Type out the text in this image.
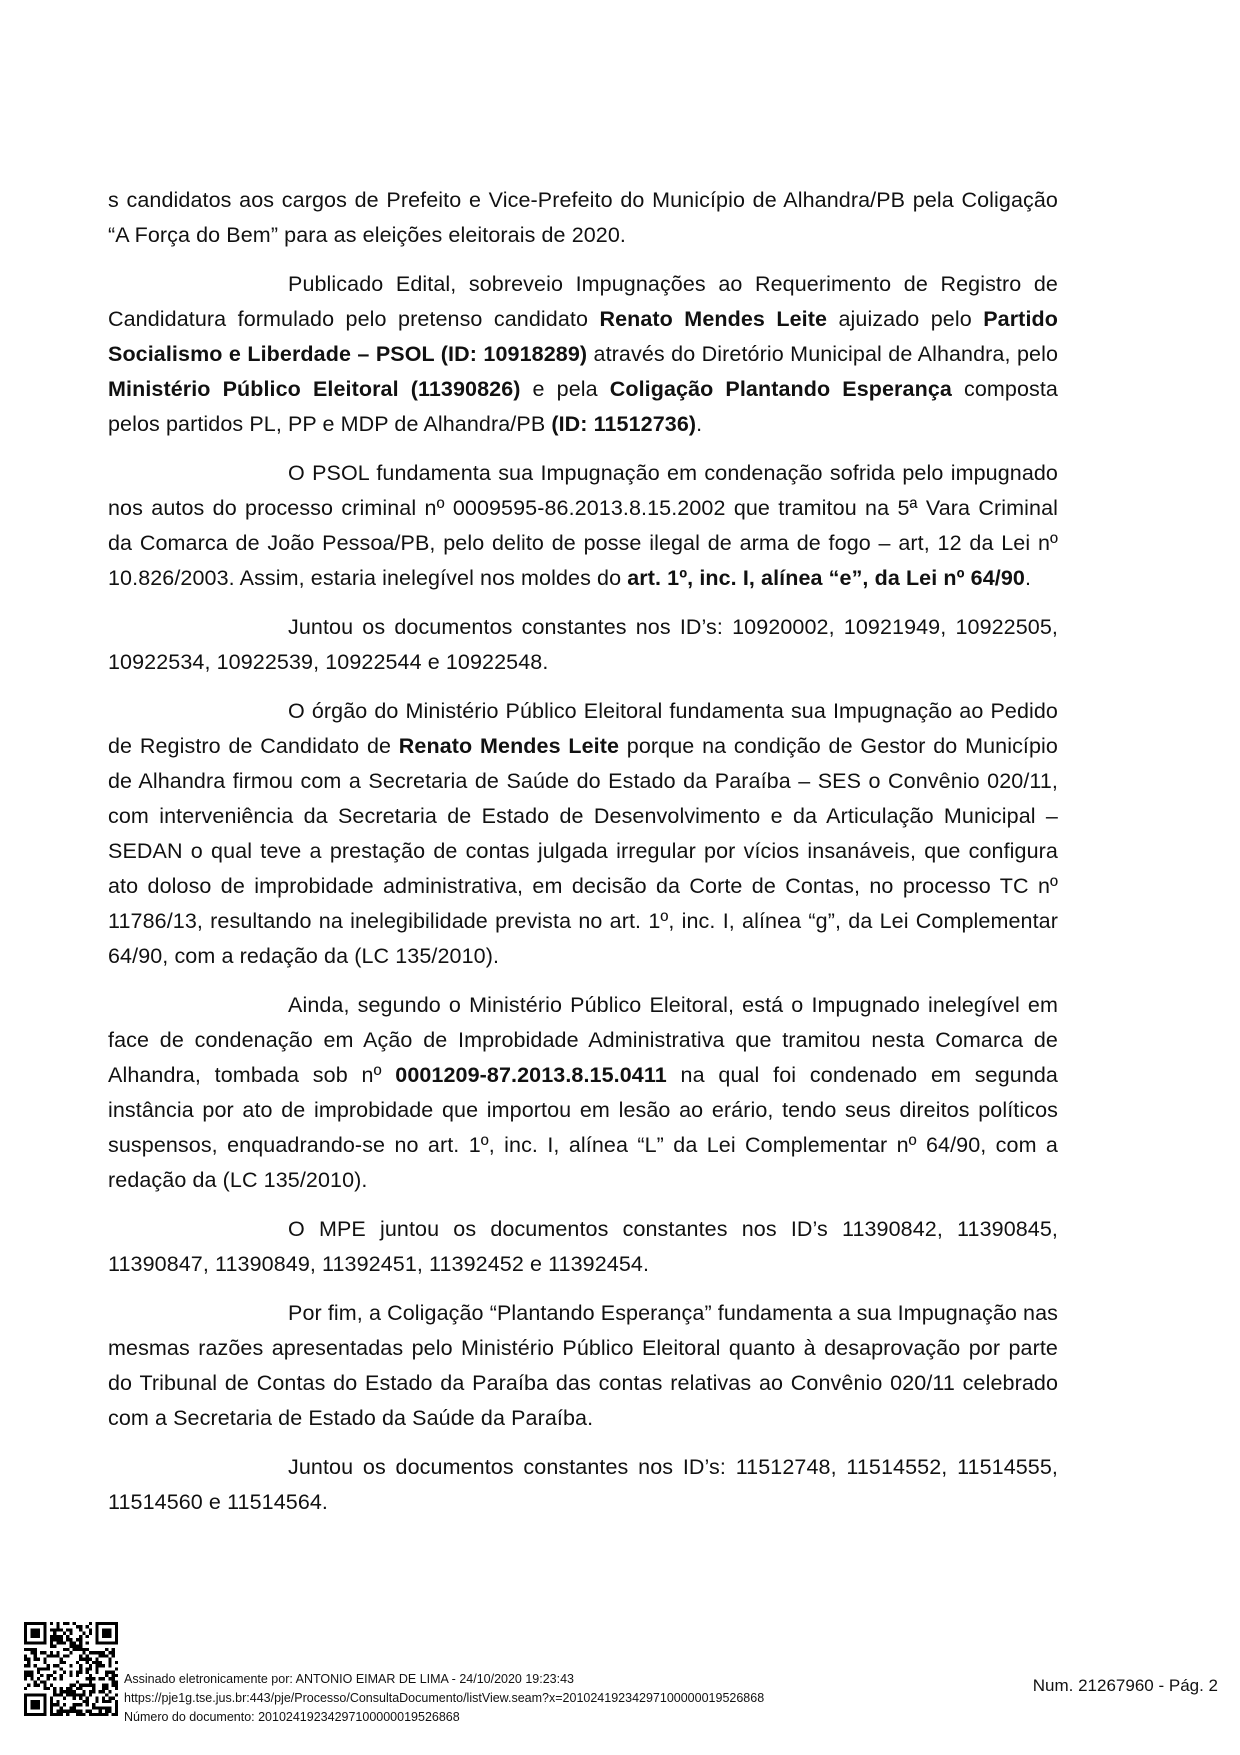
s candidatos aos cargos de Prefeito e Vice-Prefeito do Município de Alhandra/PB pela Coligação “A Força do Bem” para as eleições eleitorais de 2020.

Publicado Edital, sobreveio Impugnações ao Requerimento de Registro de Candidatura formulado pelo pretenso candidato Renato Mendes Leite ajuizado pelo Partido Socialismo e Liberdade – PSOL (ID: 10918289) através do Diretório Municipal de Alhandra, pelo Ministério Público Eleitoral (11390826) e pela Coligação Plantando Esperança composta pelos partidos PL, PP e MDP de Alhandra/PB (ID: 11512736).

O PSOL fundamenta sua Impugnação em condenação sofrida pelo impugnado nos autos do processo criminal nº 0009595-86.2013.8.15.2002 que tramitou na 5ª Vara Criminal da Comarca de João Pessoa/PB, pelo delito de posse ilegal de arma de fogo – art, 12 da Lei nº 10.826/2003. Assim, estaria inelegível nos moldes do art. 1º, inc. I, alínea “e”, da Lei nº 64/90.

Juntou os documentos constantes nos ID’s: 10920002, 10921949, 10922505, 10922534, 10922539, 10922544 e 10922548.

O órgão do Ministério Público Eleitoral fundamenta sua Impugnação ao Pedido de Registro de Candidato de Renato Mendes Leite porque na condição de Gestor do Município de Alhandra firmou com a Secretaria de Saúde do Estado da Paraíba – SES o Convênio 020/11, com interveniência da Secretaria de Estado de Desenvolvimento e da Articulação Municipal – SEDAN o qual teve a prestação de contas julgada irregular por vícios insanáveis, que configura ato doloso de improbidade administrativa, em decisão da Corte de Contas, no processo TC nº 11786/13, resultando na inelegibilidade prevista no art. 1º, inc. I, alínea “g”, da Lei Complementar 64/90, com a redação da (LC 135/2010).

Ainda, segundo o Ministério Público Eleitoral, está o Impugnado inelegível em face de condenação em Ação de Improbidade Administrativa que tramitou nesta Comarca de Alhandra, tombada sob nº 0001209-87.2013.8.15.0411 na qual foi condenado em segunda instância por ato de improbidade que importou em lesão ao erário, tendo seus direitos políticos suspensos, enquadrando-se no art. 1º, inc. I, alínea “L” da Lei Complementar nº 64/90, com a redação da (LC 135/2010).

O MPE juntou os documentos constantes nos ID’s 11390842, 11390845, 11390847, 11390849, 11392451, 11392452 e 11392454.

Por fim, a Coligação “Plantando Esperança” fundamenta a sua Impugnação nas mesmas razões apresentadas pelo Ministério Público Eleitoral quanto à desaprovação por parte do Tribunal de Contas do Estado da Paraíba das contas relativas ao Convênio 020/11 celebrado com a Secretaria de Estado da Saúde da Paraíba.

Juntou os documentos constantes nos ID’s: 11512748, 11514552, 11514555, 11514560 e 11514564.

Assinado eletronicamente por: ANTONIO EIMAR DE LIMA - 24/10/2020 19:23:43
https://pje1g.tse.jus.br:443/pje/Processo/ConsultaDocumento/listView.seam?x=20102419234297100000019526868
Número do documento: 20102419234297100000019526868
Num. 21267960 - Pág. 2
